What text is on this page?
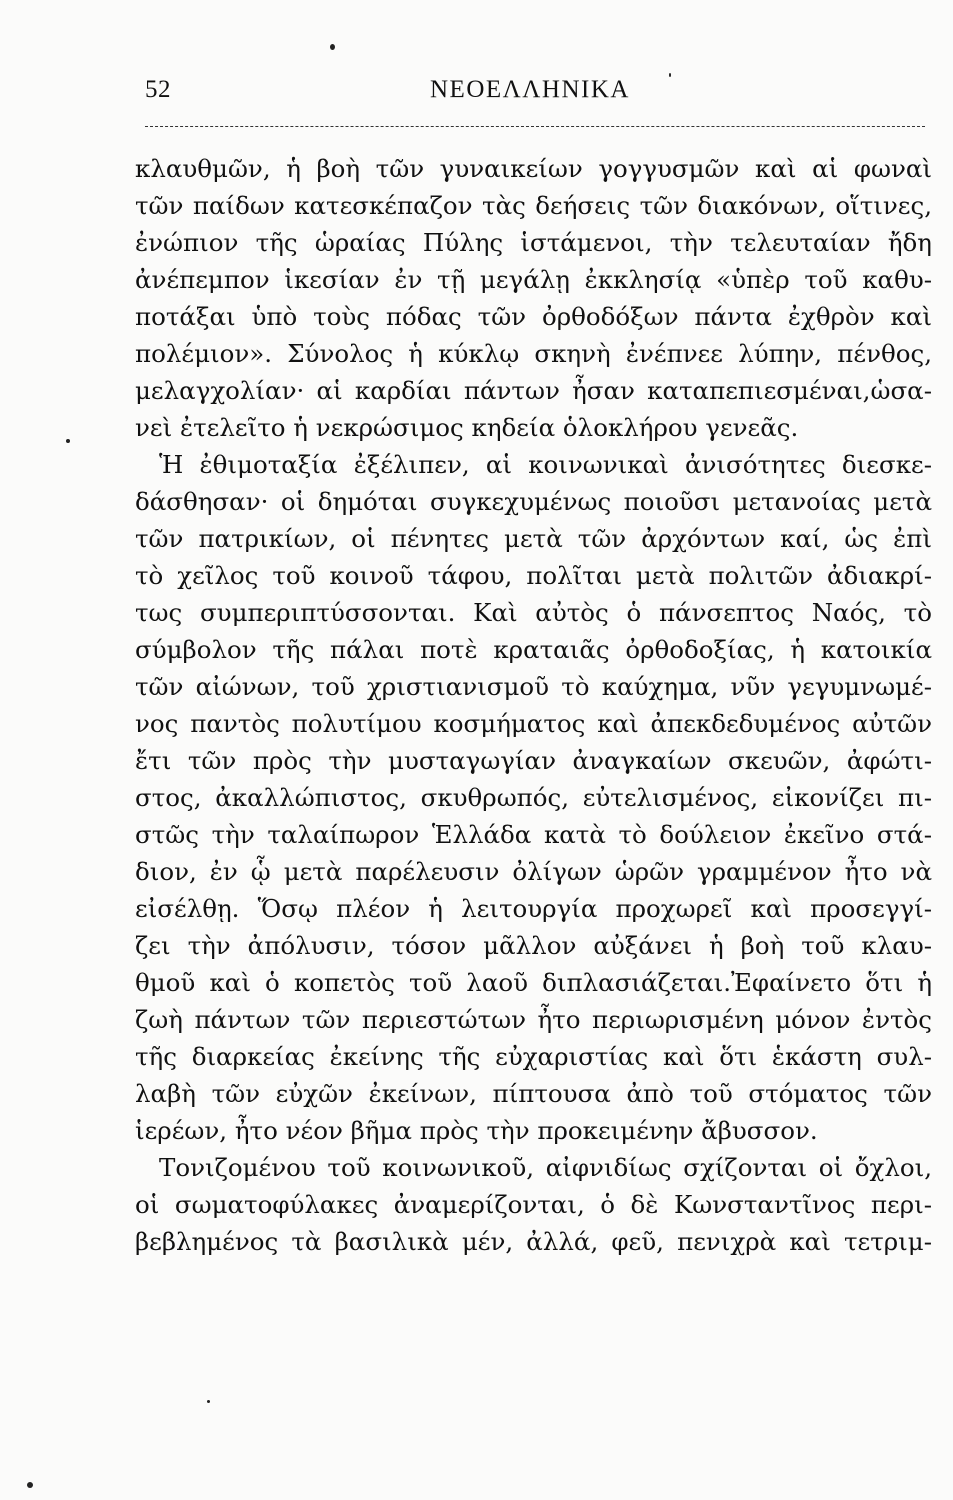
52	ΝΕΟΕΛΛΗΝΙΚΑ
κλαυθμῶν, ἡ βοὴ τῶν γυναικείων γογγυσμῶν καὶ αἱ φωναὶ
τῶν παίδων κατεσκέπαζον τὰς δεήσεις τῶν διακόνων, οἵτινες,
ἐνώπιον τῆς ὡραίας Πύλης ἱστάμενοι, τὴν τελευταίαν ἤδη
ἀνέπεμπον ἱκεσίαν ἐν τῇ μεγάλῃ ἐκκλησίᾳ «ὑπὲρ τοῦ καθυ-
ποτάξαι ὑπὸ τοὺς πόδας τῶν ὀρθοδόξων πάντα ἐχθρὸν καὶ
πολέμιον». Σύνολος ἡ κύκλῳ σκηνὴ ἐνέπνεε λύπην, πένθος,
μελαγχολίαν· αἱ καρδίαι πάντων ἦσαν καταπεπιεσμέναι,ὡσα-
νεὶ ἐτελεῖτο ἡ νεκρώσιμος κηδεία ὁλοκλήρου γενεᾶς.
Ἡ ἐθιμοταξία ἐξέλιπεν, αἱ κοινωνικαὶ ἀνισότητες διεσκε-
δάσθησαν· οἱ δημόται συγκεχυμένως ποιοῦσι μετανοίας μετὰ
τῶν πατρικίων, οἱ πένητες μετὰ τῶν ἀρχόντων καί, ὡς ἐπὶ
τὸ χεῖλος τοῦ κοινοῦ τάφου, πολῖται μετὰ πολιτῶν ἀδιακρί-
τως συμπεριπτύσσονται. Καὶ αὐτὸς ὁ πάνσεπτος Ναός, τὸ
σύμβολον τῆς πάλαι ποτὲ κραταιᾶς ὀρθοδοξίας, ἡ κατοικία
τῶν αἰώνων, τοῦ χριστιανισμοῦ τὸ καύχημα, νῦν γεγυμνωμέ-
νος παντὸς πολυτίμου κοσμήματος καὶ ἀπεκδεδυμένος αὐτῶν
ἔτι τῶν πρὸς τὴν μυσταγωγίαν ἀναγκαίων σκευῶν, ἀφώτι-
στος, ἀκαλλώπιστος, σκυθρωπός, εὐτελισμένος, εἰκονίζει πι-
στῶς τὴν ταλαίπωρον Ἑλλάδα κατὰ τὸ δούλειον ἐκεῖνο στά-
διον, ἐν ᾧ μετὰ παρέλευσιν ὀλίγων ὡρῶν γραμμένον ἦτο νὰ
εἰσέλθῃ. Ὅσῳ πλέον ἡ λειτουργία προχωρεῖ καὶ προσεγγί-
ζει τὴν ἀπόλυσιν, τόσον μᾶλλον αὐξάνει ἡ βοὴ τοῦ κλαυ-
θμοῦ καὶ ὁ κοπετὸς τοῦ λαοῦ διπλασιάζεται.Ἐφαίνετο ὅτι ἡ
ζωὴ πάντων τῶν περιεστώτων ἦτο περιωρισμένη μόνον ἐντὸς
τῆς διαρκείας ἐκείνης τῆς εὐχαριστίας καὶ ὅτι ἑκάστη συλ-
λαβὴ τῶν εὐχῶν ἐκείνων, πίπτουσα ἀπὸ τοῦ στόματος τῶν
ἱερέων, ἦτο νέον βῆμα πρὸς τὴν προκειμένην ἄβυσσον.
Τονιζομένου τοῦ κοινωνικοῦ, αἰφνιδίως σχίζονται οἱ ὄχλοι,
οἱ σωματοφύλακες ἀναμερίζονται, ὁ δὲ Κωνσταντῖνος περι-
βεβλημένος τὰ βασιλικὰ μέν, ἀλλά, φεῦ, πενιχρὰ καὶ τετριμ-
